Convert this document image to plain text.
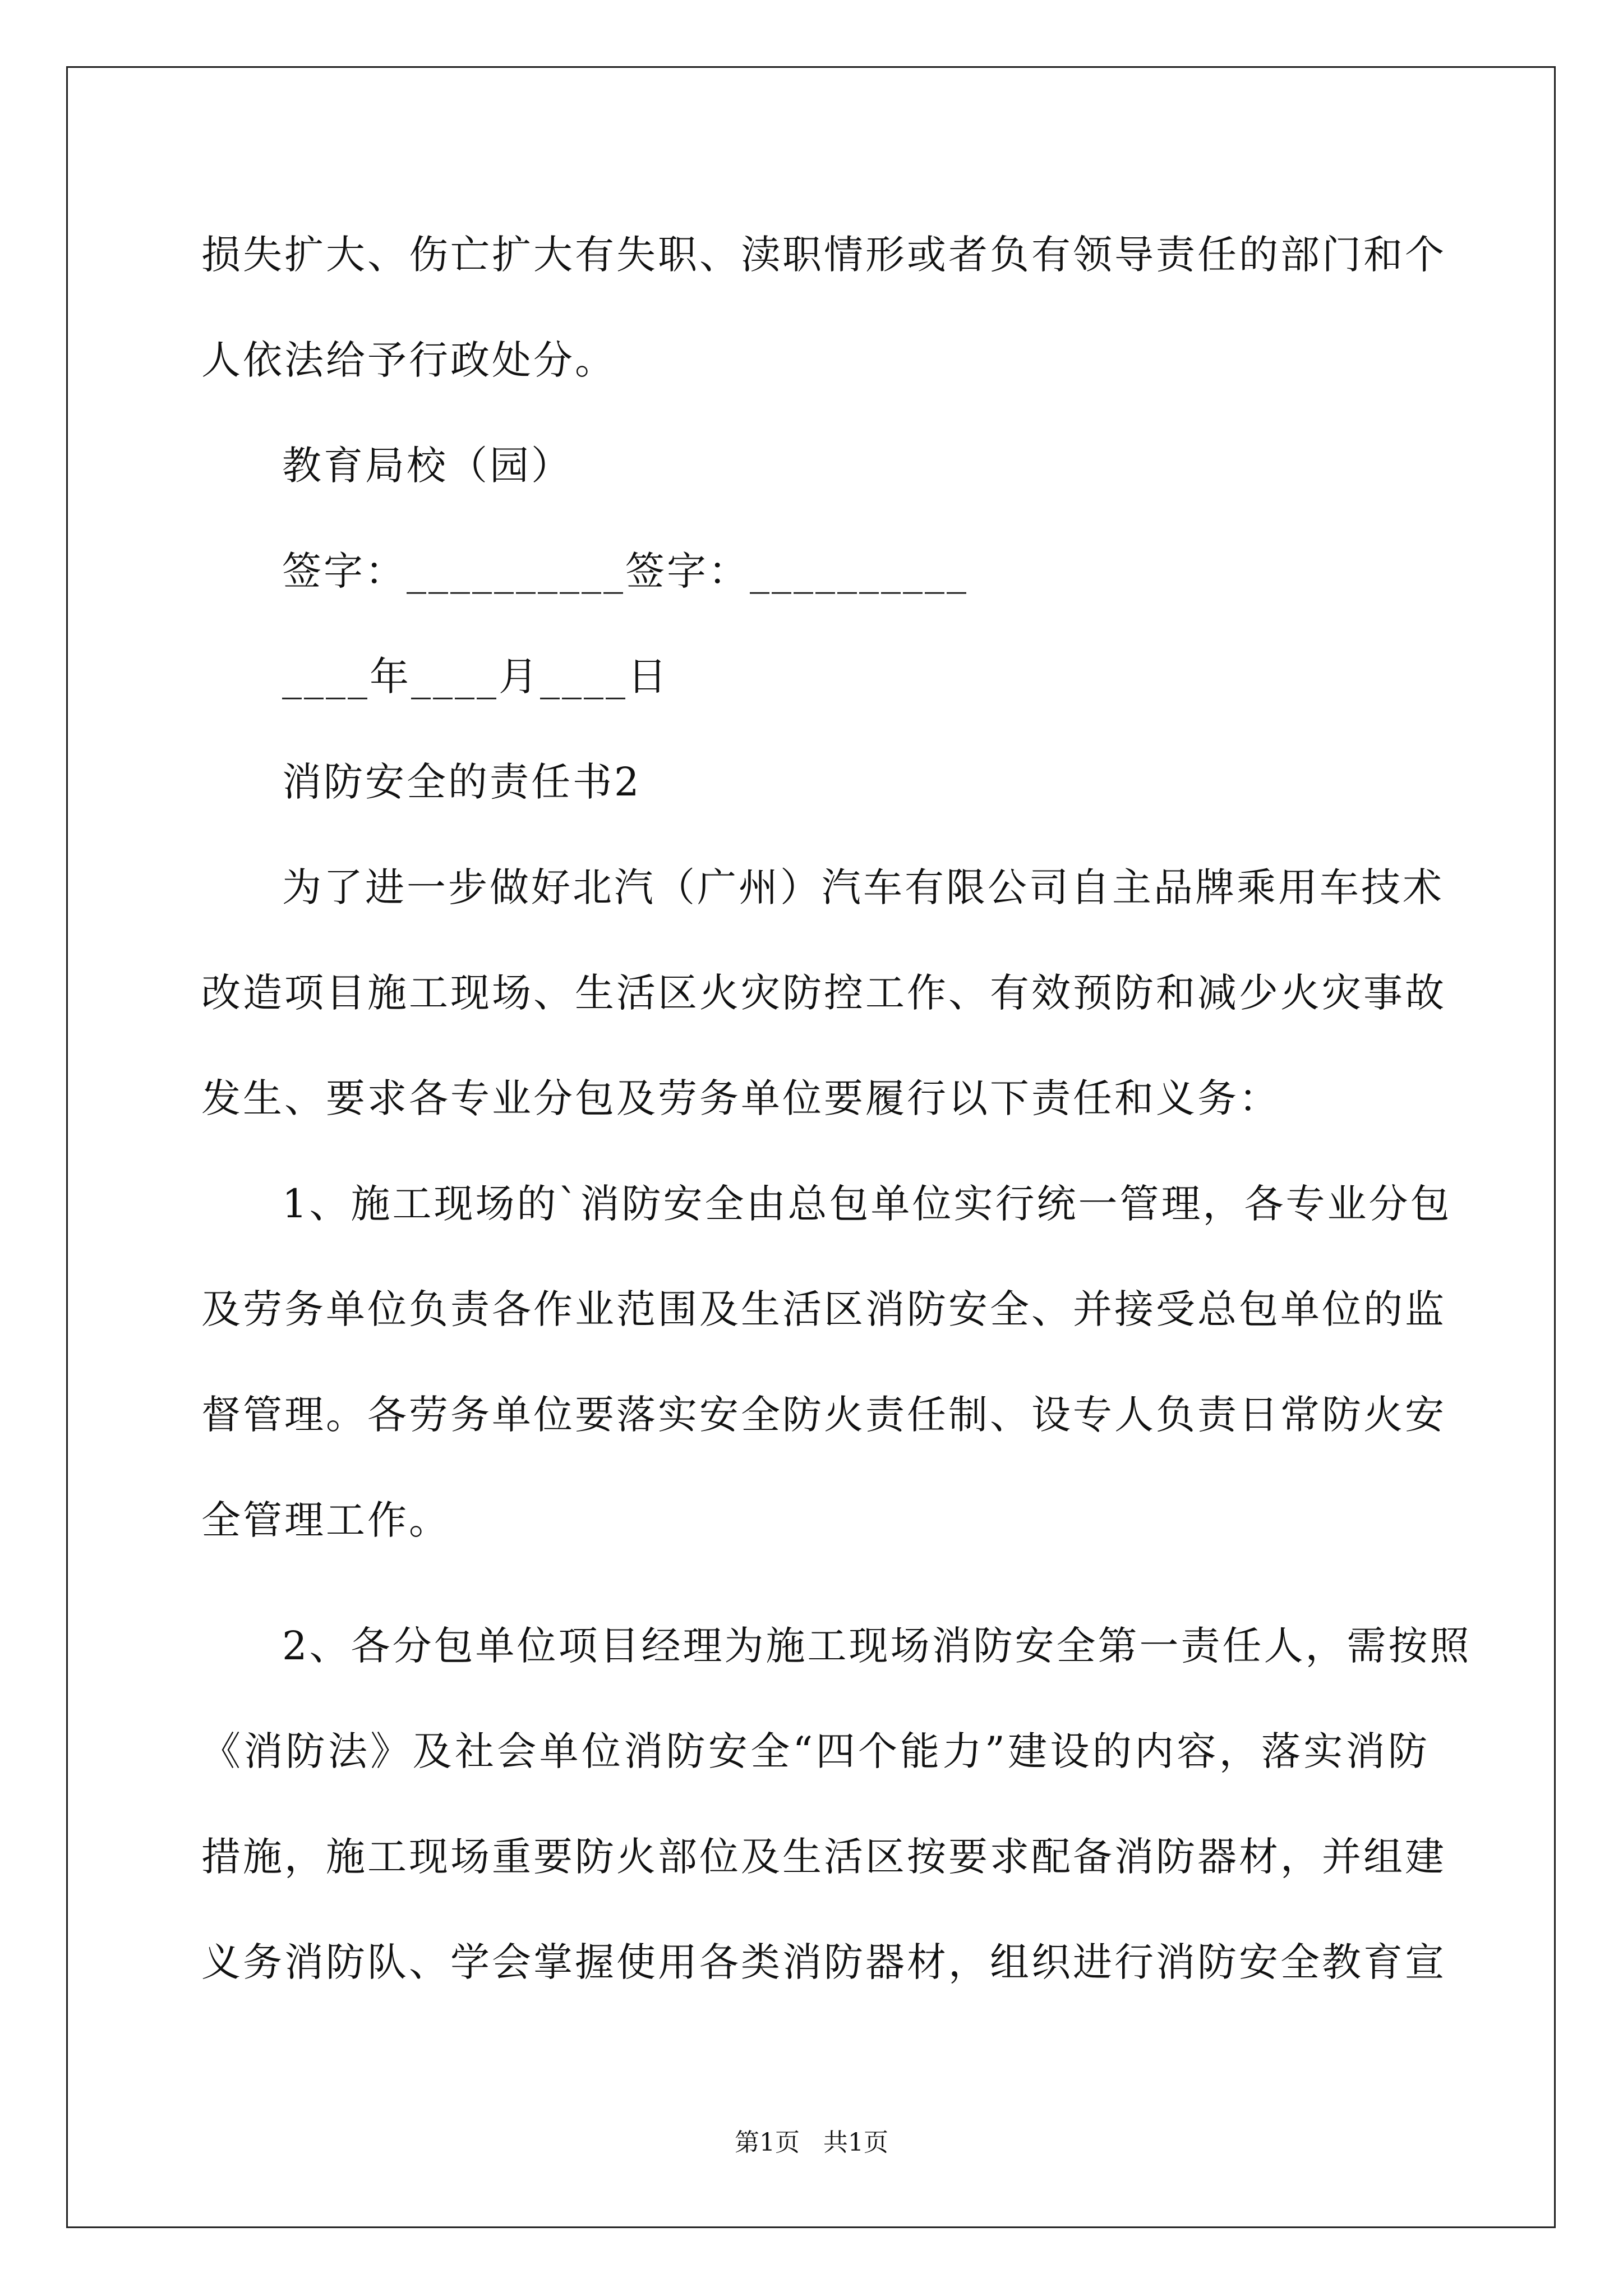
损失扩大、伤亡扩大有失职、渎职情形或者负有领导责任的部门和个
人依法给予行政处分。
教育局校（园）
签字：__________签字：__________
____年____月____日
消防安全的责任书2
为了进一步做好北汽（广州）汽车有限公司自主品牌乘用车技术
改造项目施工现场、生活区火灾防控工作、有效预防和减少火灾事故
发生、要求各专业分包及劳务单位要履行以下责任和义务：
1、施工现场的`消防安全由总包单位实行统一管理，各专业分包
及劳务单位负责各作业范围及生活区消防安全、并接受总包单位的监
督管理。各劳务单位要落实安全防火责任制、设专人负责日常防火安
全管理工作。
2、各分包单位项目经理为施工现场消防安全第一责任人，需按照
《消防法》及社会单位消防安全“四个能力”建设的内容，落实消防
措施，施工现场重要防火部位及生活区按要求配备消防器材，并组建
义务消防队、学会掌握使用各类消防器材，组织进行消防安全教育宣
第1页   共1页
